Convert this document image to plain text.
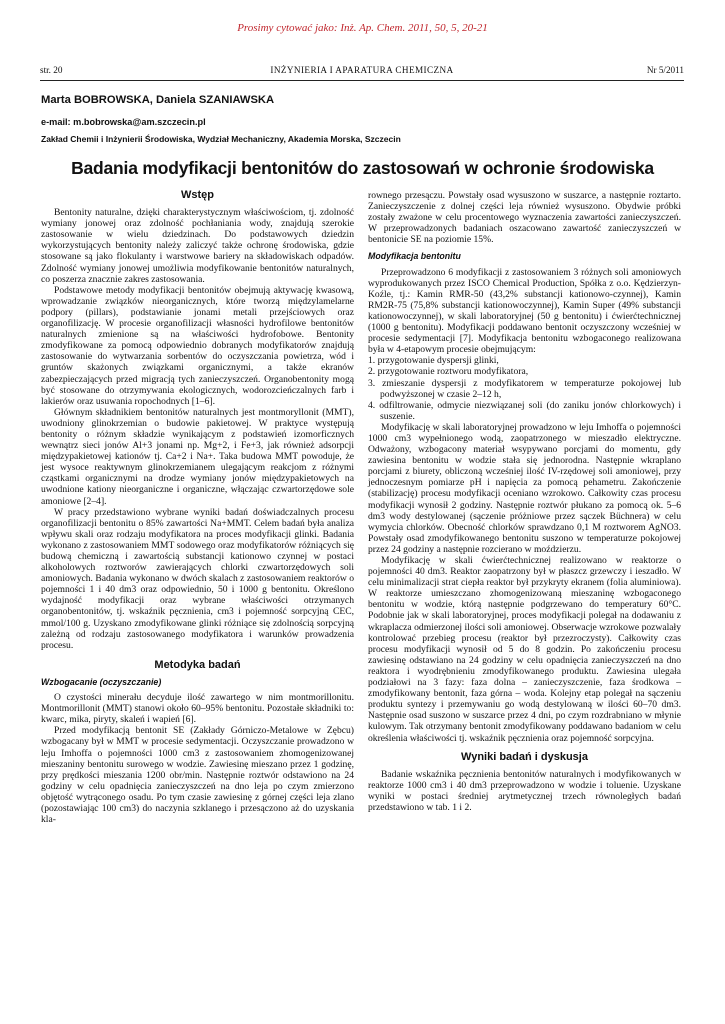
Prosimy cytować jako: Inż. Ap. Chem. 2011, 50, 5, 20-21
INŻYNIERIA I APARATURA CHEMICZNA
str. 20	Nr 5/2011
Marta BOBROWSKA, Daniela SZANIAWSKA
e-mail: m.bobrowska@am.szczecin.pl
Zakład Chemii i Inżynierii Środowiska, Wydział Mechaniczny, Akademia Morska, Szczecin
Badania modyfikacji bentonitów do zastosowań w ochronie środowiska
Wstęp

Bentonity naturalne, dzięki charakterystycznym właściwościom, tj. zdolność wymiany jonowej oraz zdolność pochłaniania wody, znajdują szerokie zastosowanie w wielu dziedzinach. Do podstawowych dziedzin wykorzystujących bentonity należy zaliczyć także ochronę środowiska, gdzie stosowane są jako flokulanty i warstwowe bariery na składowiskach odpadów. Zdolność wymiany jonowej umożliwia modyfikowanie bentonitów naturalnych, co poszerza znacznie zakres zastosowania.

Podstawowe metody modyfikacji bentonitów obejmują aktywację kwasową, wprowadzanie związków nieorganicznych, które tworzą międzylamelarne podpory (pillars), podstawianie jonami metali przejściowych oraz organofilizację. W procesie organofilizacji własności hydrofilowe bentonitów naturalnych zmienione są na właściwości hydrofobowe. Bentonity zmodyfikowane za pomocą odpowiednio dobranych modyfikatorów znajdują zastosowanie do wytwarzania sorbentów do oczyszczania powietrza, wód i gruntów skażonych związkami organicznymi, a także ekranów zabezpieczających przed migracją tych zanieczyszczeń. Organobentonity mogą być stosowane do otrzymywania ekologicznych, wodorozcieńczalnych farb i lakierów oraz usuwania ropochodnych [1–6].

Głównym składnikiem bentonitów naturalnych jest montmoryllonit (MMT), uwodniony glinokrzemian o budowie pakietowej. W praktyce występują bentonity o różnym składzie wynikającym z podstawień izomorficznych wewnątrz sieci jonów Al+3 jonami np. Mg+2, i Fe+3, jak również adsorpcji międzypakietowej kationów tj. Ca+2 i Na+. Taka budowa MMT powoduje, że jest wysoce reaktywnym glinokrzemianem ulegającym reakcjom z różnymi cząstkami organicznymi na drodze wymiany jonów międzypakietowych na uwodnione kationy nieorganiczne i organiczne, włączając czwartorzędowe sole amoniowe [2–4].

W pracy przedstawiono wybrane wyniki badań doświadczalnych procesu organofilizacji bentonitu o 85% zawartości Na+MMT. Celem badań była analiza wpływu skali oraz rodzaju modyfikatora na proces modyfikacji glinki. Badania wykonano z zastosowaniem MMT sodowego oraz modyfikatorów różniących się budową chemiczną i zawartością substancji kationowo czynnej w postaci alkoholowych roztworów zawierających chlorki czwartorzędowych soli amoniowych. Badania wykonano w dwóch skalach z zastosowaniem reaktorów o pojemności 1 i 40 dm3 oraz odpowiednio, 50 i 1000 g bentonitu. Określono wydajność modyfikacji oraz wybrane właściwości otrzymanych organobentonitów, tj. wskaźnik pęcznienia, cm3 i pojemność sorpcyjną CEC, mmol/100 g. Uzyskano zmodyfikowane glinki różniące się zdolnością sorpcyjną zależną od rodzaju zastosowanego modyfikatora i warunków prowadzenia procesu.

Metodyka badań
Wzbogacanie (oczyszczanie)

O czystości minerału decyduje ilość zawartego w nim montmorillonitu. Montmorillonit (MMT) stanowi około 60–95% bentonitu. Pozostałe składniki to: kwarc, mika, piryty, skaleń i wapień [6].

Przed modyfikacją bentonit SE (Zakłady Górniczo-Metalowe w Zębcu) wzbogacany był w MMT w procesie sedymentacji. Oczyszczanie prowadzono w leju Imhoffa o pojemności 1000 cm3 z zastosowaniem zhomogenizowanej mieszaniny bentonitu surowego w wodzie. Zawiesinę mieszano przez 1 godzinę, przy prędkości mieszania 1200 obr/min. Następnie roztwór odstawiono na 24 godziny w celu opadnięcia zanieczyszczeń na dno leja po czym zmierzono objętość wytrąconego osadu. Po tym czasie zawiesinę z górnej części leja zlano (pozostawiając 100 cm3) do naczynia szklanego i przesączono aż do uzyskania kla-

rownego przesączu. Powstały osad wysuszono w suszarce, a następnie roztarto. Zanieczyszczenie z dolnej części leja również wysuszono. Obydwie próbki zostały zważone w celu procentowego wyznaczenia zawartości zanieczyszczeń. W przeprowadzonych badaniach oszacowano zawartość zanieczyszczeń w bentonicie SE na poziomie 15%.

Modyfikacja bentonitu

Przeprowadzono 6 modyfikacji z zastosowaniem 3 różnych soli amoniowych wyprodukowanych przez ISCO Chemical Production, Spółka z o.o. Kędzierzyn-Koźle, tj.: Kamin RMR-50 (43,2% substancji kationowo-czynnej), Kamin RM2R-75 (75,8% substancji kationowoczynnej), Kamin Super (49% substancji kationowoczynnej), w skali laboratoryjnej (50 g bentonitu) i ćwierćtechnicznej (1000 g bentonitu). Modyfikacji poddawano bentonit oczyszczony wcześniej w procesie sedymentacji [7]. Modyfikacja bentonitu wzbogaconego realizowana była w 4-etapowym procesie obejmującym:

1. przygotowanie dyspersji glinki,
2. przygotowanie roztworu modyfikatora,
3. zmieszanie dyspersji z modyfikatorem w temperaturze pokojowej lub podwyższonej w czasie 2–12 h,
4. odfiltrowanie, odmycie niezwiązanej soli (do zaniku jonów chlorkowych) i suszenie.

Modyfikację w skali laboratoryjnej prowadzono w leju Imhoffa o pojemności 1000 cm3 wypełnionego wodą, zaopatrzonego w mieszadło elektryczne. Odważony, wzbogacony materiał wsypywano porcjami do momentu, gdy zawiesina bentonitu w wodzie stała się jednorodna. Następnie wkraplano porcjami z biurety, obliczoną wcześniej ilość IV-rzędowej soli amoniowej, przy jednoczesnym pomiarze pH i napięcia za pomocą pehametru. Zakończenie (stabilizację) procesu modyfikacji oceniano wzrokowo. Całkowity czas procesu modyfikacji wynosił 2 godziny. Następnie roztwór płukano za pomocą ok. 5–6 dm3 wody destylowanej (sączenie próżniowe przez sączek Büchnera) w celu wymycia chlorków. Obecność chlorków sprawdzano 0,1 M roztworem AgNO3. Powstały osad zmodyfikowanego bentonitu suszono w temperaturze pokojowej przez 24 godziny a następnie rozcierano w moździerzu.

Modyfikację w skali ćwierćtechnicznej realizowano w reaktorze o pojemności 40 dm3. Reaktor zaopatrzony był w płaszcz grzewczy i ieszadło. W celu minimalizacji strat ciepła reaktor był przykryty ekranem (folia aluminiowa). W reaktorze umieszczano zhomogenizowaną mieszaninę wzbogaconego bentonitu w wodzie, którą następnie podgrzewano do temperatury 60°C. Podobnie jak w skali laboratoryjnej, proces modyfikacji polegał na dodawaniu z wkraplacza odmierzonej ilości soli amoniowej. Obserwacje wzrokowe pozwalały kontrolować przebieg procesu (reaktor był przezroczysty). Całkowity czas procesu modyfikacji wynosił od 5 do 8 godzin. Po zakończeniu procesu zawiesinę odstawiano na 24 godziny w celu opadnięcia zanieczyszczeń na dno reaktora i wyodrębnieniu zmodyfikowanego produktu. Zawiesina ulegała podziałowi na 3 fazy: faza dolna – zanieczyszczenie, faza środkowa – zmodyfikowany bentonit, faza górna – woda. Kolejny etap polegał na sączeniu produktu syntezy i przemywaniu go wodą destylowaną w ilości 60–70 dm3. Następnie osad suszono w suszarce przez 4 dni, po czym rozdrabniano w młynie kulowym. Tak otrzymany bentonit zmodyfikowany poddawano badaniom w celu określenia właściwości tj. wskaźnik pęcznienia oraz pojemność sorpcyjna.

Wyniki badań i dyskusja

Badanie wskaźnika pęcznienia bentonitów naturalnych i modyfikowanych w reaktorze 1000 cm3 i 40 dm3 przeprowadzono w wodzie i toluenie. Uzyskane wyniki w postaci średniej arytmetycznej trzech równoległych badań przedstawiono w tab. 1 i 2.
